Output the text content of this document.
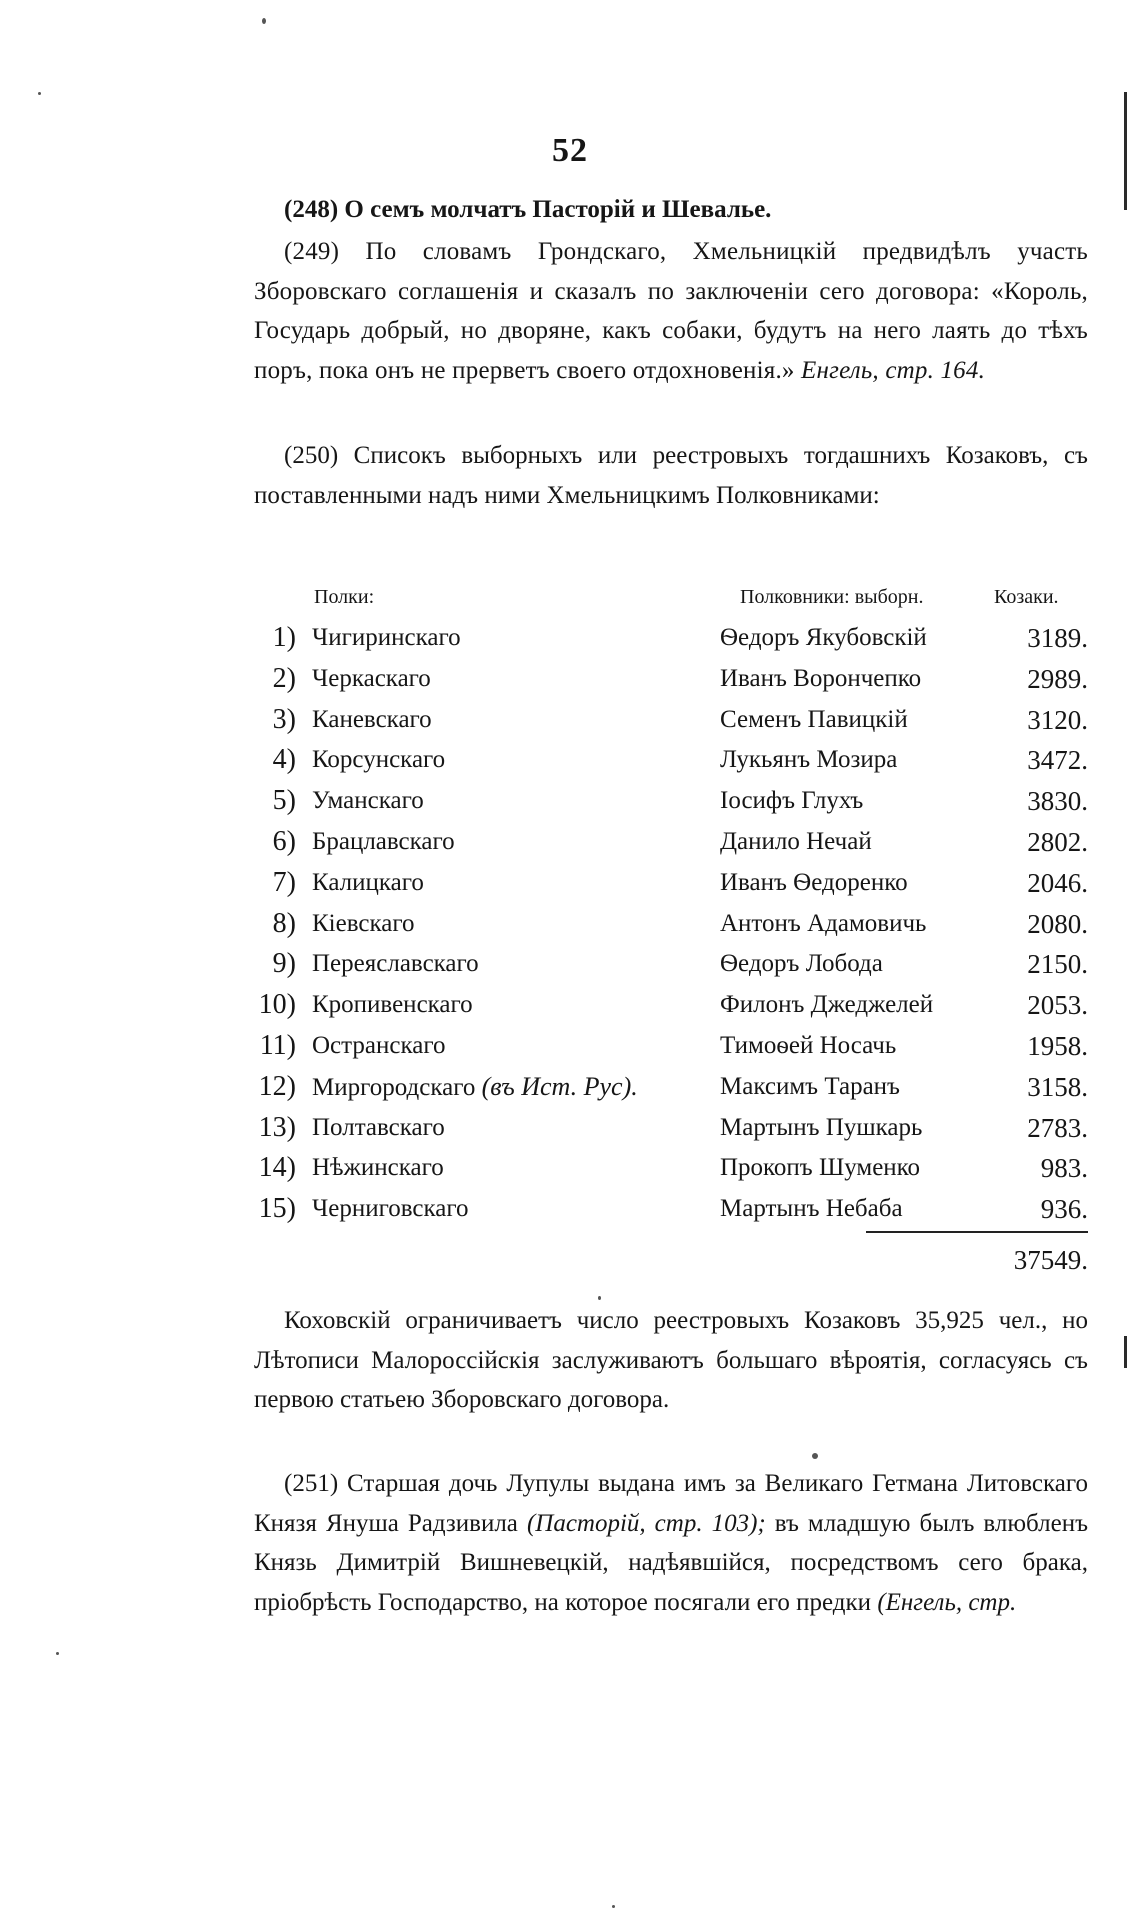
52

(248) О семъ молчатъ Пасторій и Шевалье.

(249) По словамъ Грондскаго, Хмельницкій предвидѣлъ участь Зборовскаго соглашенія и сказалъ по заключеніи сего договора: «Король, Государь добрый, но дворяне, какъ собаки, будутъ на него лаять до тѣхъ поръ, пока онъ не прерветъ своего отдохновенія.» Енгель, стр. 164.

(250) Списокъ выборныхъ или реестровыхъ тогдашнихъ Козаковъ, съ поставленными надъ ними Хмельницкимъ Полковниками:

Полки:	Полковники: выборн.	Козаки.
1) Чигиринскаго	Ѳедоръ Якубовскій	3189.
2) Черкаскаго	Иванъ Ворончепко	2989.
3) Каневскаго	Семенъ Павицкій	3120.
4) Корсунскаго	Лукьянъ Мозира	3472.
5) Уманскаго	Іосифъ Глухъ	3830.
6) Брацлавскаго	Данило Нечай	2802.
7) Калицкаго	Иванъ Ѳедоренко	2046.
8) Кіевскаго	Антонъ Адамовичь	2080.
9) Переяславскаго	Ѳедоръ Лобода	2150.
10) Кропивенскаго	Филонъ Джеджелей	2053.
11) Остранскаго	Тимоѳей Носачь	1958.
12) Миргородскаго (въ Ист. Рус).	Максимъ Таранъ	3158.
13) Полтавскаго	Мартынъ Пушкарь	2783.
14) Нѣжинскаго	Прокопъ Шуменко	983.
15) Черниговскаго	Мартынъ Небаба	936.
37549.

Коховскій ограничиваетъ число реестровыхъ Козаковъ 35,925 чел., но Лѣтописи Малороссійскія заслуживаютъ большаго вѣроятія, согласуясь съ первою статьею Зборовскаго договора.

(251) Старшая дочь Лупулы выдана имъ за Великаго Гетмана Литовскаго Князя Януша Радзивила (Пасторій, стр. 103); въ младшую былъ влюбленъ Князь Димитрій Вишневецкій, надѣявшійся, посредствомъ сего брака, пріобрѣсть Господарство, на которое посягали его предки (Енгель, стр.
